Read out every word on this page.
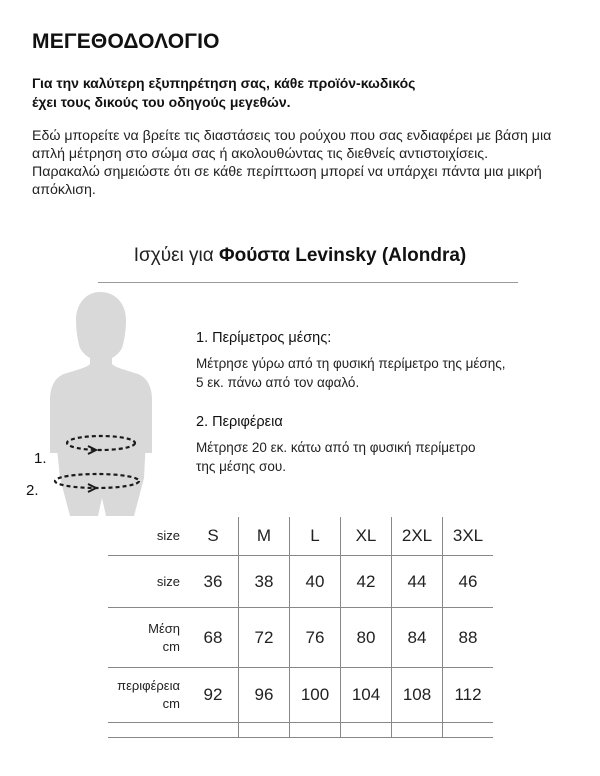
ΜΕΓΕΘΟΔΟΛΟΓΙΟ
Για την καλύτερη εξυπηρέτηση σας, κάθε προϊόν-κωδικός
έχει τους δικούς του οδηγούς μεγεθών.

Εδώ μπορείτε να βρείτε τις διαστάσεις του ρούχου που σας ενδιαφέρει με βάση μια απλή μέτρηση στο σώμα σας ή ακολουθώντας τις διεθνείς αντιστοιχίσεις.

Παρακαλώ σημειώστε ότι σε κάθε περίπτωση μπορεί να υπάρχει πάντα μια μικρή απόκλιση.

Ισχύει για Φούστα Levinsky (Alondra)
1.
2.
1. Περίμετρος μέσης:
Μέτρησε γύρω από τη φυσική περίμετρο της μέσης,
5 εκ. πάνω από τον αφαλό.
2. Περιφέρεια
Μέτρησε 20 εκ. κάτω από τη φυσική περίμετρο
της μέσης σου.
size	S	M	L	XL	2XL	3XL

size	36	38	40	42	44	46

Μέση
cm	68	72	76	80	84	88

περιφέρεια
cm	92	96	100	104	108	112
